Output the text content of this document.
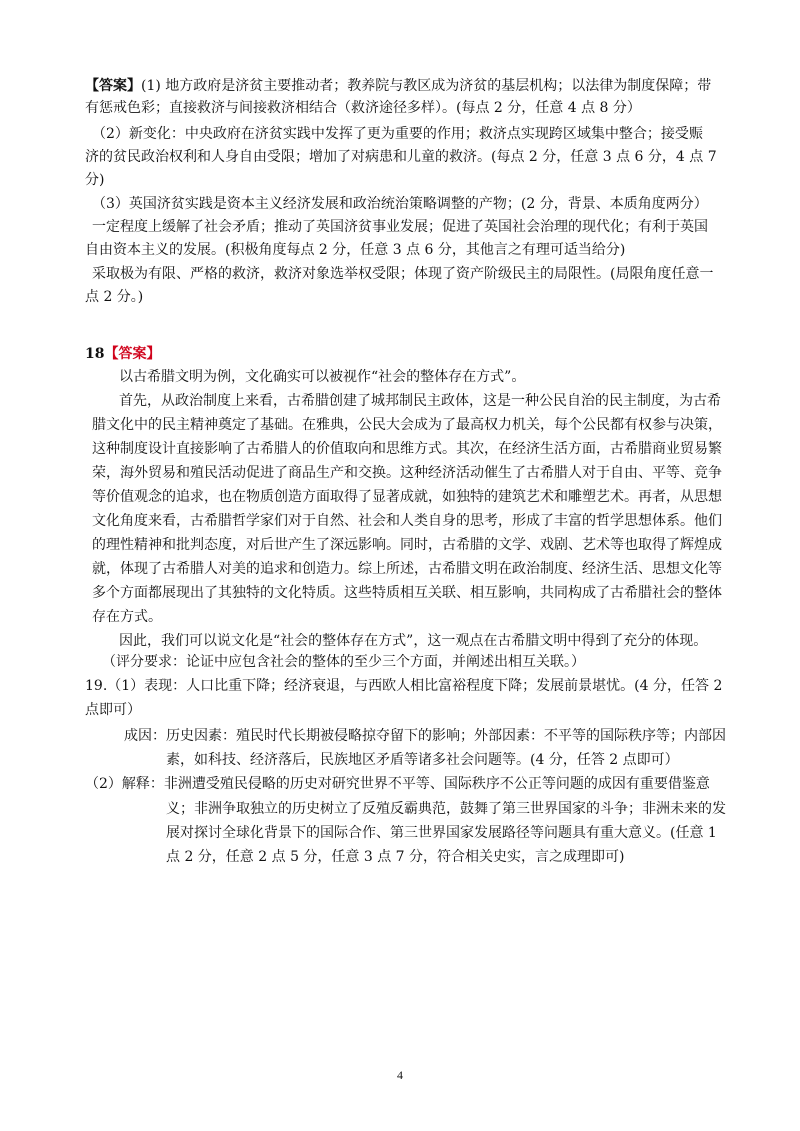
【答案】(1) 地方政府是济贫主要推动者；教养院与教区成为济贫的基层机构；以法律为制度保障；带
有惩戒色彩；直接救济与间接救济相结合（救济途径多样）。(每点 2 分，任意 4 点 8 分）
（2）新变化：中央政府在济贫实践中发挥了更为重要的作用；救济点实现跨区域集中整合；接受赈
济的贫民政治权利和人身自由受限；增加了对病患和儿童的救济。(每点 2 分，任意 3 点 6 分，4 点 7
分)
（3）英国济贫实践是资本主义经济发展和政治统治策略调整的产物；(2 分，背景、本质角度两分）
一定程度上缓解了社会矛盾；推动了英国济贫事业发展；促进了英国社会治理的现代化；有利于英国
自由资本主义的发展。(积极角度每点 2 分，任意 3 点 6 分，其他言之有理可适当给分)
采取极为有限、严格的救济，救济对象选举权受限；体现了资产阶级民主的局限性。(局限角度任意一
点 2 分。)
18【答案】
以古希腊文明为例，文化确实可以被视作“社会的整体存在方式”。
首先，从政治制度上来看，古希腊创建了城邦制民主政体，这是一种公民自治的民主制度，为古希
腊文化中的民主精神奠定了基础。在雅典，公民大会成为了最高权力机关，每个公民都有权参与决策，
这种制度设计直接影响了古希腊人的价值取向和思维方式。其次，在经济生活方面，古希腊商业贸易繁
荣，海外贸易和殖民活动促进了商品生产和交换。这种经济活动催生了古希腊人对于自由、平等、竞争
等价值观念的追求，也在物质创造方面取得了显著成就，如独特的建筑艺术和雕塑艺术。再者，从思想
文化角度来看，古希腊哲学家们对于自然、社会和人类自身的思考，形成了丰富的哲学思想体系。他们
的理性精神和批判态度，对后世产生了深远影响。同时，古希腊的文学、戏剧、艺术等也取得了辉煌成
就，体现了古希腊人对美的追求和创造力。综上所述，古希腊文明在政治制度、经济生活、思想文化等
多个方面都展现出了其独特的文化特质。这些特质相互关联、相互影响，共同构成了古希腊社会的整体
存在方式。
因此，我们可以说文化是“社会的整体存在方式”，这一观点在古希腊文明中得到了充分的体现。
（评分要求：论证中应包含社会的整体的至少三个方面，并阐述出相互关联。）
19.（1）表现：人口比重下降；经济衰退，与西欧人相比富裕程度下降；发展前景堪忧。(4 分，任答 2
点即可）
成因：历史因素：殖民时代长期被侵略掠夺留下的影响；外部因素：不平等的国际秩序等；内部因
素，如科技、经济落后，民族地区矛盾等诸多社会问题等。(4 分，任答 2 点即可）
（2）解释：非洲遭受殖民侵略的历史对研究世界不平等、国际秩序不公正等问题的成因有重要借鉴意
义；非洲争取独立的历史树立了反殖反霸典范，鼓舞了第三世界国家的斗争；非洲未来的发
展对探讨全球化背景下的国际合作、第三世界国家发展路径等问题具有重大意义。(任意 1
点 2 分，任意 2 点 5 分，任意 3 点 7 分，符合相关史实，言之成理即可)
4
